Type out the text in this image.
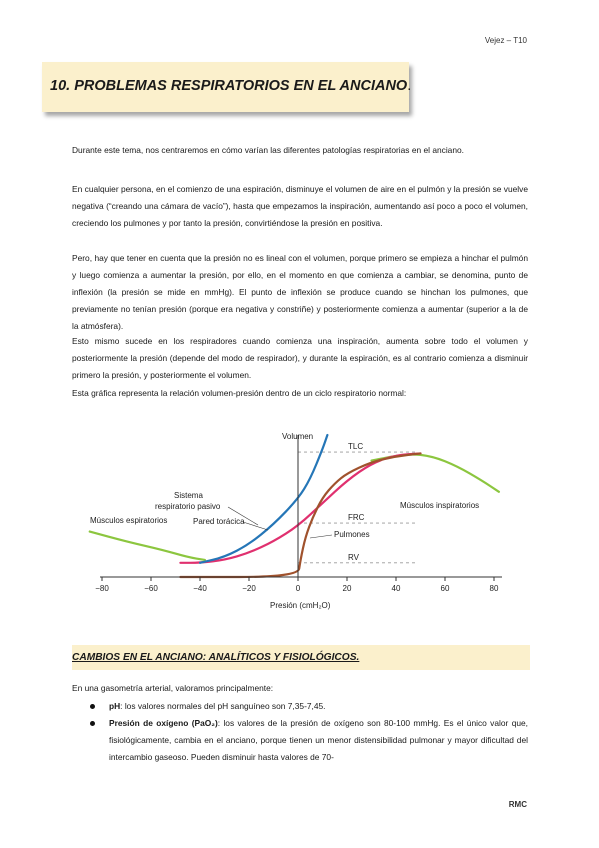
Vejez – T10
10. PROBLEMAS RESPIRATORIOS EN EL ANCIANO.

Durante este tema, nos centraremos en cómo varían las diferentes patologías respiratorias en el anciano.

En cualquier persona, en el comienzo de una espiración, disminuye el volumen de aire en el pulmón y la presión se vuelve negativa (“creando una cámara de vacío”), hasta que empezamos la inspiración, aumentando así poco a poco el volumen, creciendo los pulmones y por tanto la presión, convirtiéndose la presión en positiva.

Pero, hay que tener en cuenta que la presión no es lineal con el volumen, porque primero se empieza a hinchar el pulmón y luego comienza a aumentar la presión, por ello, en el momento en que comienza a cambiar, se denomina, punto de inflexión (la presión se mide en mmHg). El punto de inflexión se produce cuando se hinchan los pulmones, que previamente no tenían presión (porque era negativa y constriñe) y posteriormente comienza a aumentar (superior a la de la atmósfera).

Esto mismo sucede en los respiradores cuando comienza una inspiración, aumenta sobre todo el volumen y posteriormente la presión (depende del modo de respirador), y durante la espiración, es al contrario comienza a disminuir primero la presión, y posteriormente el volumen.

Esta gráfica representa la relación volumen-presión dentro de un ciclo respiratorio normal:

TLC
FRC
RV
−80	−60	−40	−20	0	20	40	60	80
Volumen
Presión (cmH₂O)
Sistema
respiratorio pasivo
Pared torácica
Pulmones
Músculos espiratorios
Músculos inspiratorios
CAMBIOS EN EL ANCIANO: ANALÍTICOS Y FISIOLÓGICOS.

En una gasometría arterial, valoramos principalmente:

pH: los valores normales del pH sanguíneo son 7,35-7,45.
Presión de oxígeno (PaO₂): los valores de la presión de oxígeno son 80-100 mmHg. Es el único valor que, fisiológicamente, cambia en el anciano, porque tienen un menor distensibilidad pulmonar y mayor dificultad del intercambio gaseoso. Pueden disminuir hasta valores de 70-
RMC
